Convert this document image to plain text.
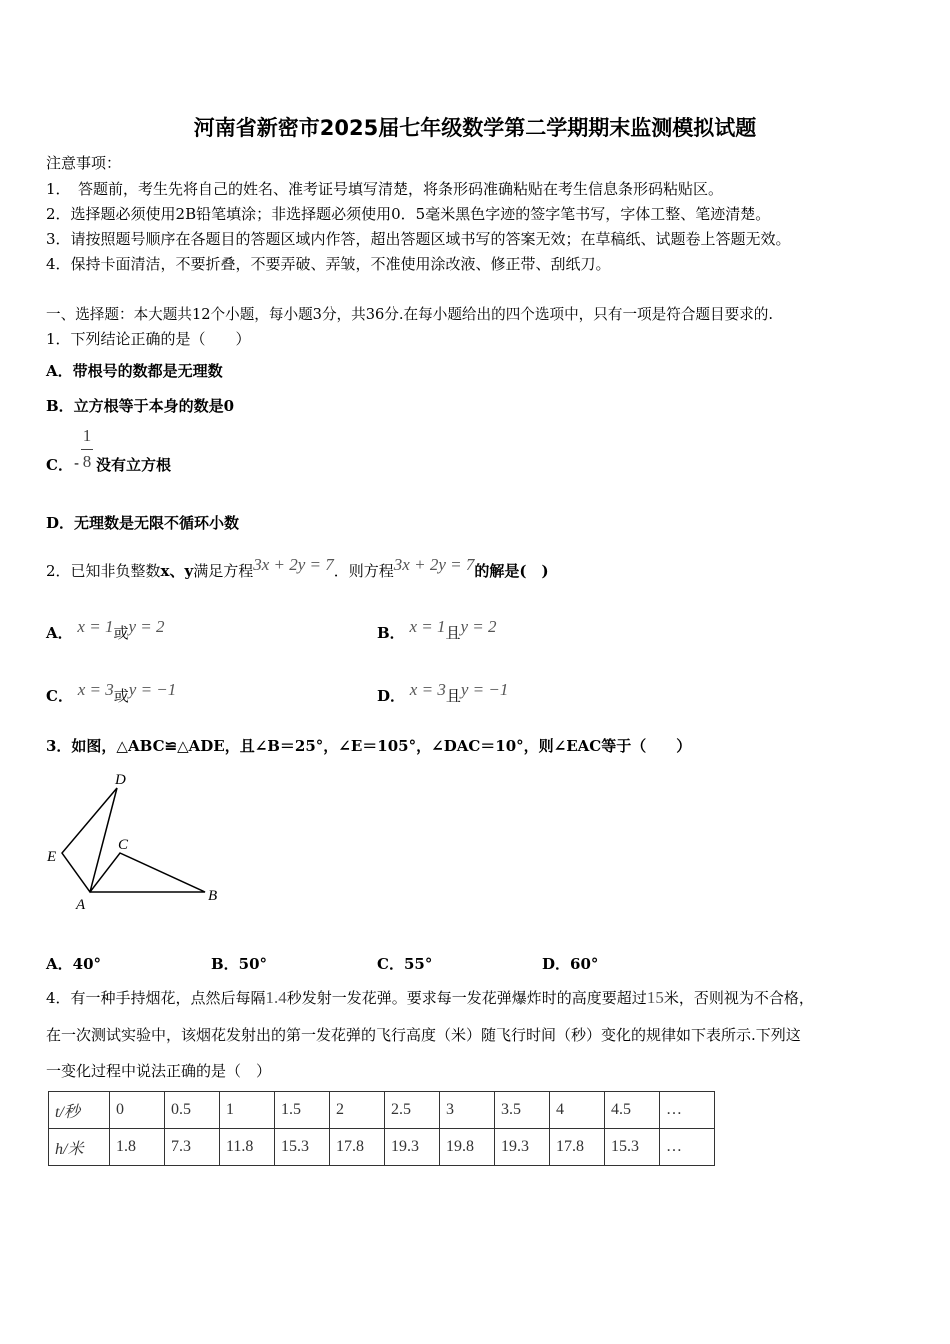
河南省新密市2025届七年级数学第二学期期末监测模拟试题
注意事项：
1．　答题前，考生先将自己的姓名、准考证号填写清楚，将条形码准确粘贴在考生信息条形码粘贴区。
2．选择题必须使用2B铅笔填涂；非选择题必须使用0．5毫米黑色字迹的签字笔书写，字体工整、笔迹清楚。
3．请按照题号顺序在各题目的答题区域内作答，超出答题区域书写的答案无效；在草稿纸、试题卷上答题无效。
4．保持卡面清洁，不要折叠，不要弄破、弄皱，不准使用涂改液、修正带、刮纸刀。
一、选择题：本大题共12个小题，每小题3分，共36分.在每小题给出的四个选项中，只有一项是符合题目要求的.
1．下列结论正确的是（　　）
A．带根号的数都是无理数
B．立方根等于本身的数是0
C． -
1
8 没有立方根
D．无理数是无限不循环小数
2．已知非负整数x、y满足方程3x + 2y = 7．则方程3x + 2y = 7的解是(　)
A． x = 1或y = 2	B． x = 1且y = 2
C． x = 3或y = −1	D． x = 3且y = −1
3．如图，△ABC≌△ADE，且∠B＝25°，∠E＝105°，∠DAC＝10°，则∠EAC等于（　　）
D
E
C
A
B
A．40°	B．50°	C．55°	D．60°
4．有一种手持烟花，点然后每隔1.4秒发射一发花弹。要求每一发花弹爆炸时的高度要超过15米，否则视为不合格，
在一次测试实验中，该烟花发射出的第一发花弹的飞行高度（米）随飞行时间（秒）变化的规律如下表所示.下列这
一变化过程中说法正确的是（　）
t/秒	0	0.5	1	1.5	2	2.5	3	3.5	4	4.5	…
h/米	1.8	7.3	11.8	15.3	17.8	19.3	19.8	19.3	17.8	15.3	…
